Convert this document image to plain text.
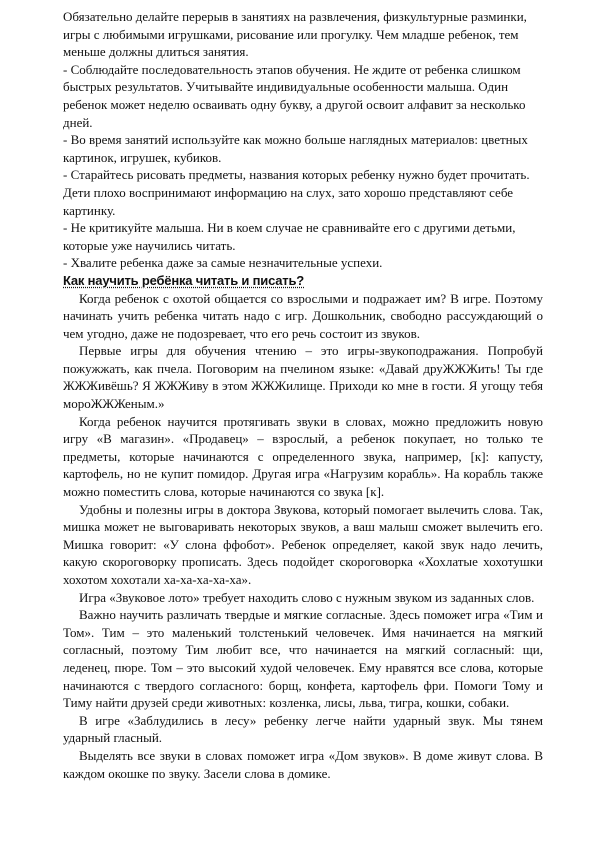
Обязательно делайте перерыв в занятиях на развлечения, физкультурные разминки, игры с любимыми игрушками, рисование или прогулку. Чем младше ребенок, тем меньше должны длиться занятия.

- Соблюдайте последовательность этапов обучения. Не ждите от ребенка слишком быстрых результатов. Учитывайте индивидуальные особенности малыша. Один ребенок может неделю осваивать одну букву, а другой освоит алфавит за несколько дней.

- Во время занятий используйте как можно больше наглядных материалов: цветных картинок, игрушек, кубиков.

- Старайтесь рисовать предметы, названия которых ребенку нужно будет прочитать. Дети плохо воспринимают информацию на слух, зато хорошо представляют себе картинку.

- Не критикуйте малыша. Ни в коем случае не сравнивайте его с другими детьми, которые уже научились читать.

- Хвалите ребенка даже за самые незначительные успехи.

Как научить ребёнка читать и писать?

Когда ребенок с охотой общается со взрослыми и подражает им? В игре. Поэтому начинать учить ребенка читать надо с игр. Дошкольник, свободно рассуждающий о чем угодно, даже не подозревает, что его речь состоит из звуков.

Первые игры для обучения чтению – это игры-звукоподражания. Попробуй пожужжать, как пчела. Поговорим на пчелином языке: «Давай друЖЖЖить! Ты где ЖЖЖивёшь? Я ЖЖЖиву в этом ЖЖЖилище. Приходи ко мне в гости. Я угощу тебя мороЖЖЖеным.»

Когда ребенок научится протягивать звуки в словах, можно предложить новую игру «В магазин». «Продавец» – взрослый, а ребенок покупает, но только те предметы, которые начинаются с определенного звука, например, [к]: капусту, картофель, но не купит помидор. Другая игра «Нагрузим корабль». На корабль также можно поместить слова, которые начинаются со звука [к].

Удобны и полезны игры в доктора Звукова, который помогает вылечить слова. Так, мишка может не выговаривать некоторых звуков, а ваш малыш сможет вылечить его. Мишка говорит: «У слона ффобот». Ребенок определяет, какой звук надо лечить, какую скороговорку прописать. Здесь подойдет скороговорка «Хохлатые хохотушки хохотом хохотали ха-ха-ха-ха-ха».

Игра «Звуковое лото» требует находить слово с нужным звуком из заданных слов.

Важно научить различать твердые и мягкие согласные. Здесь поможет игра «Тим и Том». Тим – это маленький толстенький человечек. Имя начинается на мягкий согласный, поэтому Тим любит все, что начинается на мягкий согласный: щи, леденец, пюре. Том – это высокий худой человечек. Ему нравятся все слова, которые начинаются с твердого согласного: борщ, конфета, картофель фри. Помоги Тому и Тиму найти друзей среди животных: козленка, лисы, льва, тигра, кошки, собаки.

В игре «Заблудились в лесу» ребенку легче найти ударный звук. Мы тянем ударный гласный.

Выделять все звуки в словах поможет игра «Дом звуков». В доме живут слова. В каждом окошке по звуку. Засели слова в домике.
